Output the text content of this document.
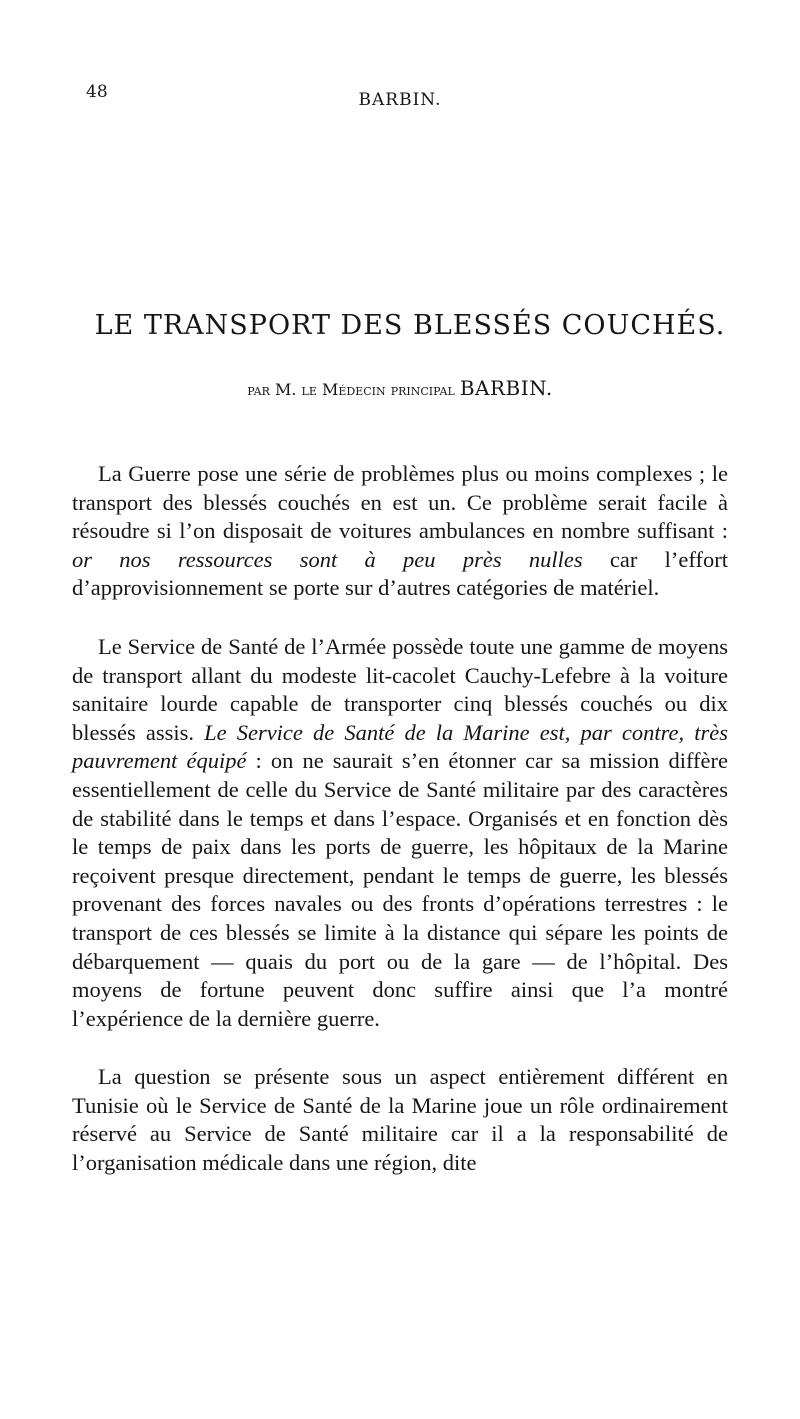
48	BARBIN.
LE TRANSPORT DES BLESSÉS COUCHÉS.
par M. le Médecin principal BARBIN.

La Guerre pose une série de problèmes plus ou moins complexes ; le transport des blessés couchés en est un. Ce problème serait facile à résoudre si l’on disposait de voitures ambulances en nombre suffisant : or nos ressources sont à peu près nulles car l’effort d’approvisionnement se porte sur d’autres catégories de matériel.

Le Service de Santé de l’Armée possède toute une gamme de moyens de transport allant du modeste lit-cacolet Cauchy-Lefebre à la voiture sanitaire lourde capable de transporter cinq blessés couchés ou dix blessés assis. Le Service de Santé de la Marine est, par contre, très pauvrement équipé : on ne saurait s’en étonner car sa mission diffère essentiellement de celle du Service de Santé militaire par des caractères de stabilité dans le temps et dans l’espace. Organisés et en fonction dès le temps de paix dans les ports de guerre, les hôpitaux de la Marine reçoivent presque directement, pendant le temps de guerre, les blessés provenant des forces navales ou des fronts d’opérations terrestres : le transport de ces blessés se limite à la distance qui sépare les points de débarquement — quais du port ou de la gare — de l’hôpital. Des moyens de fortune peuvent donc suffire ainsi que l’a montré l’expérience de la dernière guerre.

La question se présente sous un aspect entièrement différent en Tunisie où le Service de Santé de la Marine joue un rôle ordinairement réservé au Service de Santé militaire car il a la responsabilité de l’organisation médicale dans une région, dite
